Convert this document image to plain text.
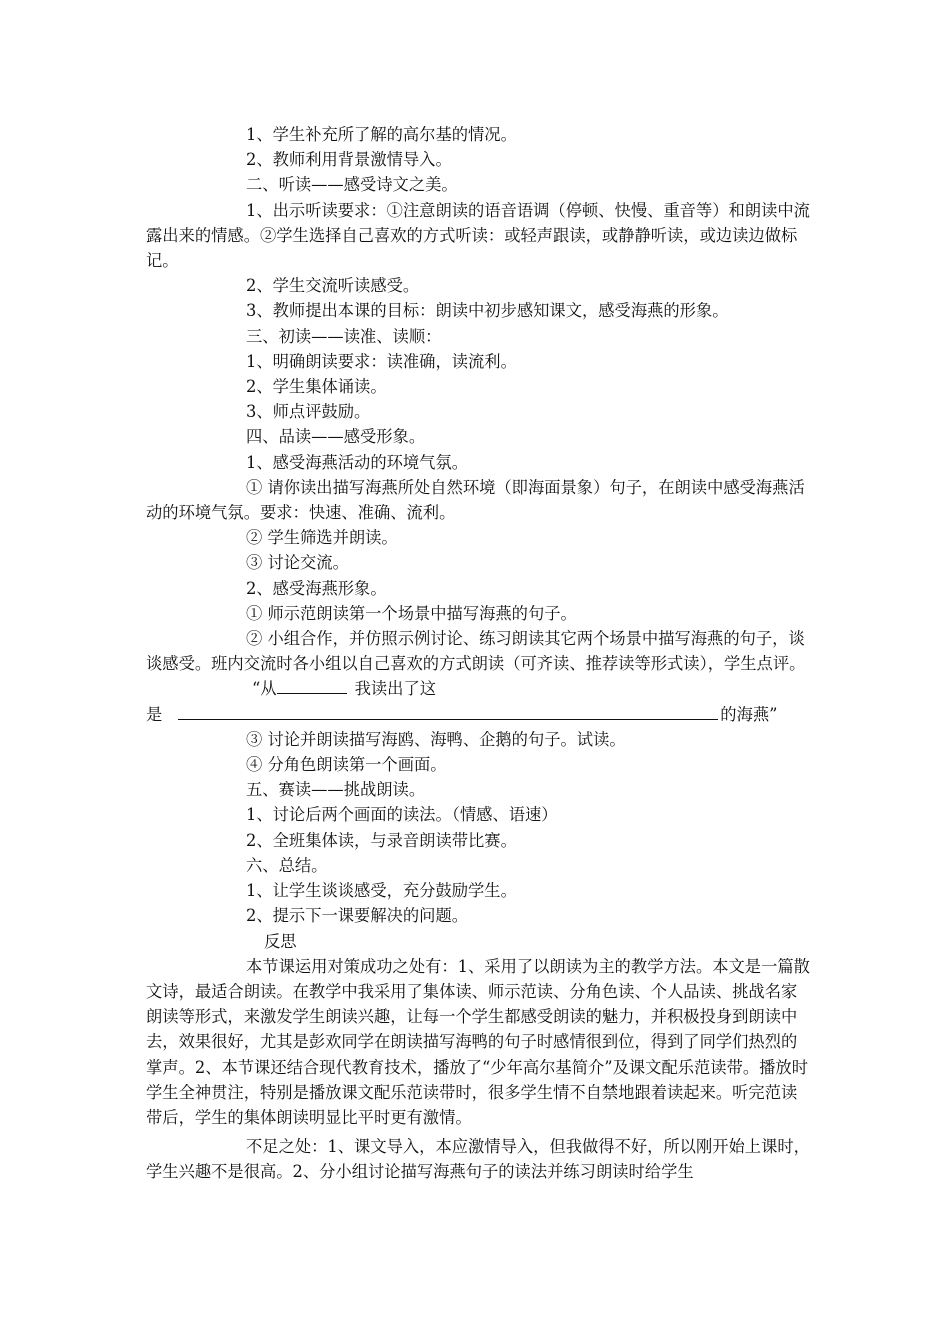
1、学生补充所了解的高尔基的情况。

2、教师利用背景激情导入。

二、听读——感受诗文之美。

1、出示听读要求：①注意朗读的语音语调（停顿、快慢、重音等）和朗读中流露出来的情感。②学生选择自己喜欢的方式听读：或轻声跟读，或静静听读，或边读边做标记。

2、学生交流听读感受。

3、教师提出本课的目标：朗读中初步感知课文，感受海燕的形象。

三、初读——读准、读顺：

1、明确朗读要求：读准确，读流利。

2、学生集体诵读。

3、师点评鼓励。

四、品读——感受形象。

1、感受海燕活动的环境气氛。

① 请你读出描写海燕所处自然环境（即海面景象）句子，在朗读中感受海燕活动的环境气氛。要求：快速、准确、流利。

② 学生筛选并朗读。

③ 讨论交流。

2、感受海燕形象。

① 师示范朗读第一个场景中描写海燕的句子。

② 小组合作，并仿照示例讨论、练习朗读其它两个场景中描写海燕的句子，谈谈感受。班内交流时各小组以自己喜欢的方式朗读（可齐读、推荐读等形式读），学生点评。

“从	我读出了这

是	的海燕”

③ 讨论并朗读描写海鸥、海鸭、企鹅的句子。试读。

④ 分角色朗读第一个画面。

五、赛读——挑战朗读。

1、讨论后两个画面的读法。（情感、语速）

2、全班集体读，与录音朗读带比赛。

六、总结。

1、让学生谈谈感受，充分鼓励学生。

2、提示下一课要解决的问题。

反思

本节课运用对策成功之处有：1、采用了以朗读为主的教学方法。本文是一篇散文诗，最适合朗读。在教学中我采用了集体读、师示范读、分角色读、个人品读、挑战名家朗读等形式，来激发学生朗读兴趣，让每一个学生都感受朗读的魅力，并积极投身到朗读中去，效果很好，尤其是彭欢同学在朗读描写海鸭的句子时感情很到位，得到了同学们热烈的掌声。2、本节课还结合现代教育技术，播放了“少年高尔基简介”及课文配乐范读带。播放时学生全神贯注，特别是播放课文配乐范读带时，很多学生情不自禁地跟着读起来。听完范读带后，学生的集体朗读明显比平时更有激情。

不足之处：1、课文导入，本应激情导入，但我做得不好，所以刚开始上课时，学生兴趣不是很高。2、分小组讨论描写海燕句子的读法并练习朗读时给学生
